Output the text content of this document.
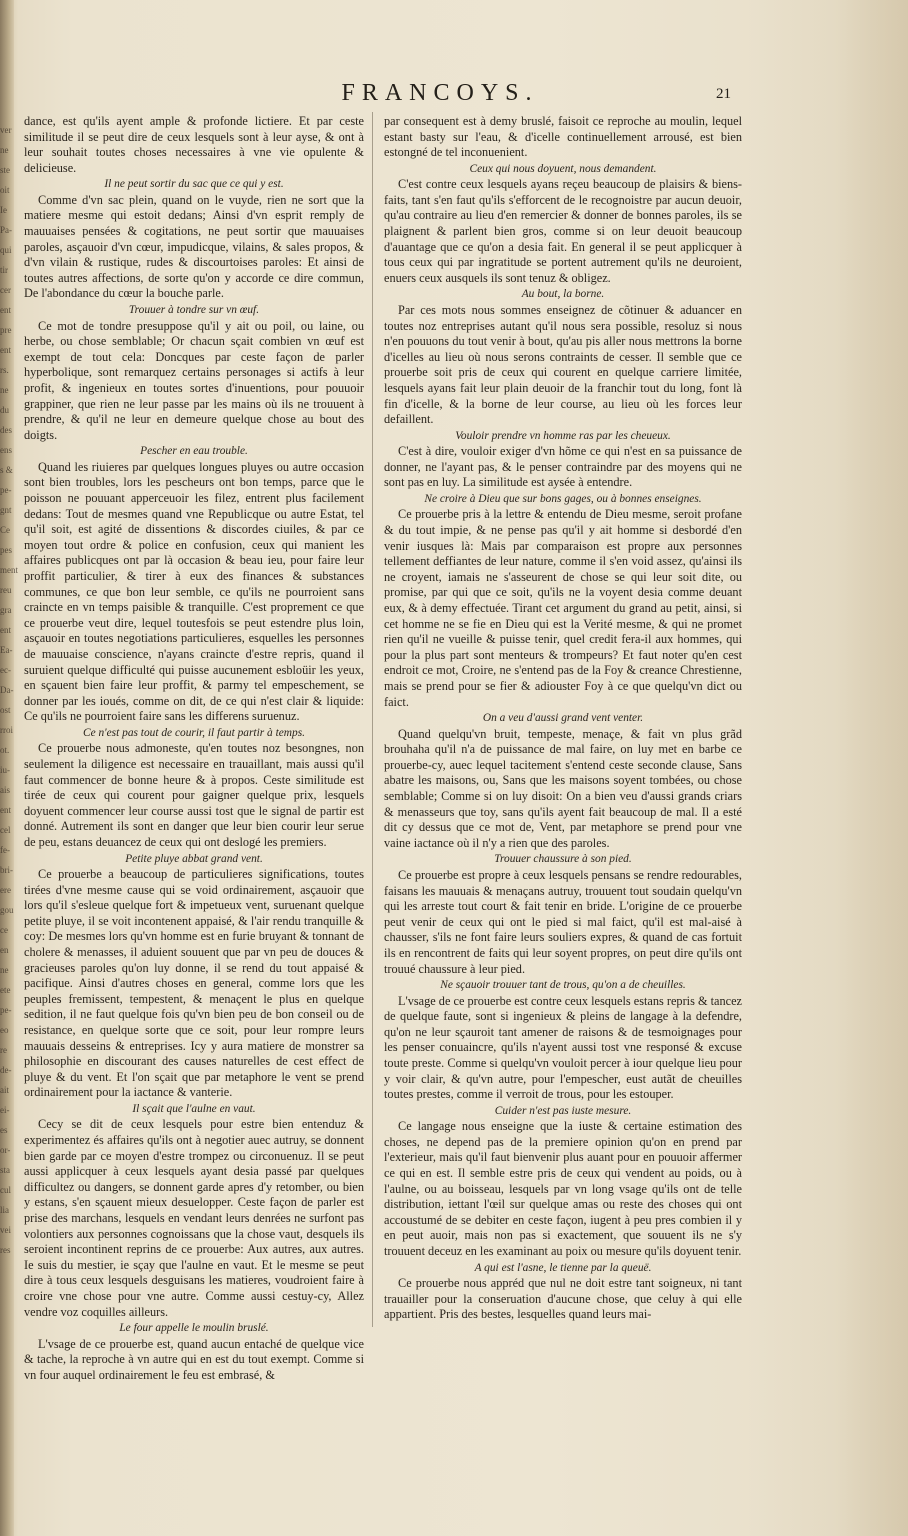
ver
ne
ste
oit
Ie
Pa-
qui
tir
cer
ent
pre
ent
rs.
ne
du
des
ens
s &
pe-
gnt
Ce
pes
ment
reu
gra
ent
Ea-
ec-
Da-
ost
rroi
ot.
iu-
ais
ent
cel
fe-
bri-
ere
gou
ce
en
ne
ete
pe-
eo
re
de-
ait
ei-
es
or-
sta
cul
lia
vei
res
FRANCOYS.	21

dance, est qu'ils ayent ample & profonde lictiere. Et par ceste similitude il se peut dire de ceux lesquels sont à leur ayse, & ont à leur souhait toutes choses necessaires à vne vie opulente & delicieuse.

Il ne peut sortir du sac que ce qui y est.

Comme d'vn sac plein, quand on le vuyde, rien ne sort que la matiere mesme qui estoit dedans; Ainsi d'vn esprit remply de mauuaises pensées & cogitations, ne peut sortir que mauuaises paroles, asçauoir d'vn cœur, impudicque, vilains, & sales propos, & d'vn vilain & rustique, rudes & discourtoises paroles: Et ainsi de toutes autres affections, de sorte qu'on y accorde ce dire commun, De l'abondance du cœur la bouche parle.

Trouuer à tondre sur vn œuf.

Ce mot de tondre presuppose qu'il y ait ou poil, ou laine, ou herbe, ou chose semblable; Or chacun sçait combien vn œuf est exempt de tout cela: Doncques par ceste façon de parler hyperbolique, sont remarquez certains personages si actifs à leur profit, & ingenieux en toutes sortes d'inuentions, pour pouuoir grappiner, que rien ne leur passe par les mains où ils ne trouuent à prendre, & qu'il ne leur en demeure quelque chose au bout des doigts.

Pescher en eau trouble.

Quand les riuieres par quelques longues pluyes ou autre occasion sont bien troubles, lors les pescheurs ont bon temps, parce que le poisson ne pouuant apperceuoir les filez, entrent plus facilement dedans: Tout de mesmes quand vne Republicque ou autre Estat, tel qu'il soit, est agité de dissentions & discordes ciuiles, & par ce moyen tout ordre & police en confusion, ceux qui manient les affaires publicques ont par là occasion & beau ieu, pour faire leur proffit particulier, & tirer à eux des finances & substances communes, ce que bon leur semble, ce qu'ils ne pourroient sans craincte en vn temps paisible & tranquille. C'est proprement ce que ce prouerbe veut dire, lequel toutesfois se peut estendre plus loin, asçauoir en toutes negotiations particulieres, esquelles les personnes de mauuaise conscience, n'ayans craincte d'estre repris, quand il suruient quelque difficulté qui puisse aucunement esbloüir les yeux, en sçauent bien faire leur proffit, & parmy tel empeschement, se donner par les ioués, comme on dit, de ce qui n'est clair & liquide: Ce qu'ils ne pourroient faire sans les differens suruenuz.

Ce n'est pas tout de courir, il faut partir à temps.

Ce prouerbe nous admoneste, qu'en toutes noz besongnes, non seulement la diligence est necessaire en trauaillant, mais aussi qu'il faut commencer de bonne heure & à propos. Ceste similitude est tirée de ceux qui courent pour gaigner quelque prix, lesquels doyuent commencer leur course aussi tost que le signal de partir est donné. Autrement ils sont en danger que leur bien courir leur serue de peu, estans deuancez de ceux qui ont deslogé les premiers.

Petite pluye abbat grand vent.

Ce prouerbe a beaucoup de particulieres significations, toutes tirées d'vne mesme cause qui se void ordinairement, asçauoir que lors qu'il s'esleue quelque fort & impetueux vent, suruenant quelque petite pluye, il se voit incontenent appaisé, & l'air rendu tranquille & coy: De mesmes lors qu'vn homme est en furie bruyant & tonnant de cholere & menasses, il aduient souuent que par vn peu de douces & gracieuses paroles qu'on luy donne, il se rend du tout appaisé & pacifique. Ainsi d'autres choses en general, comme lors que les peuples fremissent, tempestent, & menaçent le plus en quelque sedition, il ne faut quelque fois qu'vn bien peu de bon conseil ou de resistance, en quelque sorte que ce soit, pour leur rompre leurs mauuais desseins & entreprises. Icy y aura matiere de monstrer sa philosophie en discourant des causes naturelles de cest effect de pluye & du vent. Et l'on sçait que par metaphore le vent se prend ordinairement pour la iactance & vanterie.

Il sçait que l'aulne en vaut.

Cecy se dit de ceux lesquels pour estre bien entenduz & experimentez és affaires qu'ils ont à negotier auec autruy, se donnent bien garde par ce moyen d'estre trompez ou circonuenuz. Il se peut aussi applicquer à ceux lesquels ayant desia passé par quelques difficultez ou dangers, se donnent garde apres d'y retomber, ou bien y estans, s'en sçauent mieux desuelopper. Ceste façon de parler est prise des marchans, lesquels en vendant leurs denrées ne surfont pas volontiers aux personnes cognoissans que la chose vaut, desquels ils seroient incontinent reprins de ce prouerbe: Aux autres, aux autres. Ie suis du mestier, ie sçay que l'aulne en vaut. Et le mesme se peut dire à tous ceux lesquels desguisans les matieres, voudroient faire à croire vne chose pour vne autre. Comme aussi cestuy-cy, Allez vendre voz coquilles ailleurs.

Le four appelle le moulin bruslé.

L'vsage de ce prouerbe est, quand aucun entaché de quelque vice & tache, la reproche à vn autre qui en est du tout exempt. Comme si vn four auquel ordinairement le feu est embrasé, &

par consequent est à demy bruslé, faisoit ce reproche au moulin, lequel estant basty sur l'eau, & d'icelle continuellement arrousé, est bien estongné de tel inconuenient.

Ceux qui nous doyuent, nous demandent.

C'est contre ceux lesquels ayans reçeu beaucoup de plaisirs & biens-faits, tant s'en faut qu'ils s'efforcent de le recognoistre par aucun deuoir, qu'au contraire au lieu d'en remercier & donner de bonnes paroles, ils se plaignent & parlent bien gros, comme si on leur deuoit beaucoup d'auantage que ce qu'on a desia fait. En general il se peut applicquer à tous ceux qui par ingratitude se portent autrement qu'ils ne deuroient, enuers ceux ausquels ils sont tenuz & obligez.

Au bout, la borne.

Par ces mots nous sommes enseignez de cõtinuer & aduancer en toutes noz entreprises autant qu'il nous sera possible, resoluz si nous n'en pouuons du tout venir à bout, qu'au pis aller nous mettrons la borne d'icelles au lieu où nous serons contraints de cesser. Il semble que ce prouerbe soit pris de ceux qui courent en quelque carriere limitée, lesquels ayans fait leur plain deuoir de la franchir tout du long, font là fin d'icelle, & la borne de leur course, au lieu où les forces leur defaillent.

Vouloir prendre vn homme ras par les cheueux.

C'est à dire, vouloir exiger d'vn hõme ce qui n'est en sa puissance de donner, ne l'ayant pas, & le penser contraindre par des moyens qui ne sont pas en luy. La similitude est aysée à entendre.

Ne croire à Dieu que sur bons gages, ou à bonnes enseignes.

Ce prouerbe pris à la lettre & entendu de Dieu mesme, seroit profane & du tout impie, & ne pense pas qu'il y ait homme si desbordé d'en venir iusques là: Mais par comparaison est propre aux personnes tellement deffiantes de leur nature, comme il s'en void assez, qu'ainsi ils ne croyent, iamais ne s'asseurent de chose se qui leur soit dite, ou promise, par qui que ce soit, qu'ils ne la voyent desia comme deuant eux, & à demy effectuée. Tirant cet argument du grand au petit, ainsi, si cet homme ne se fie en Dieu qui est la Verité mesme, & qui ne promet rien qu'il ne vueille & puisse tenir, quel credit fera-il aux hommes, qui pour la plus part sont menteurs & trompeurs? Et faut noter qu'en cest endroit ce mot, Croire, ne s'entend pas de la Foy & creance Chrestienne, mais se prend pour se fier & adiouster Foy à ce que quelqu'vn dict ou faict.

On a veu d'aussi grand vent venter.

Quand quelqu'vn bruit, tempeste, menaçe, & fait vn plus grãd brouhaha qu'il n'a de puissance de mal faire, on luy met en barbe ce prouerbe-cy, auec lequel tacitement s'entend ceste seconde clause, Sans abatre les maisons, ou, Sans que les maisons soyent tombées, ou chose semblable; Comme si on luy disoit: On a bien veu d'aussi grands criars & menasseurs que toy, sans qu'ils ayent fait beaucoup de mal. Il a esté dit cy dessus que ce mot de, Vent, par metaphore se prend pour vne vaine iactance où il n'y a rien que des paroles.

Trouuer chaussure à son pied.

Ce prouerbe est propre à ceux lesquels pensans se rendre redourables, faisans les mauuais & menaçans autruy, trouuent tout soudain quelqu'vn qui les arreste tout court & fait tenir en bride. L'origine de ce prouerbe peut venir de ceux qui ont le pied si mal faict, qu'il est mal-aisé à chausser, s'ils ne font faire leurs souliers expres, & quand de cas fortuit ils en rencontrent de faits qui leur soyent propres, on peut dire qu'ils ont trouué chaussure à leur pied.

Ne sçauoir trouuer tant de trous, qu'on a de cheuilles.

L'vsage de ce prouerbe est contre ceux lesquels estans repris & tancez de quelque faute, sont si ingenieux & pleins de langage à la defendre, qu'on ne leur sçauroit tant amener de raisons & de tesmoignages pour les penser conuaincre, qu'ils n'ayent aussi tost vne responsé & excuse toute preste. Comme si quelqu'vn vouloit percer à iour quelque lieu pour y voir clair, & qu'vn autre, pour l'empescher, eust autãt de cheuilles toutes prestes, comme il verroit de trous, pour les estouper.

Cuider n'est pas iuste mesure.

Ce langage nous enseigne que la iuste & certaine estimation des choses, ne depend pas de la premiere opinion qu'on en prend par l'exterieur, mais qu'il faut bienvenir plus auant pour en pouuoir affermer ce qui en est. Il semble estre pris de ceux qui vendent au poids, ou à l'aulne, ou au boisseau, lesquels par vn long vsage qu'ils ont de telle distribution, iettant l'œil sur quelque amas ou reste des choses qui ont accoustumé de se debiter en ceste façon, iugent à peu pres combien il y en peut auoir, mais non pas si exactement, que souuent ils ne s'y trouuent deceuz en les examinant au poix ou mesure qu'ils doyuent tenir.

A qui est l'asne, le tienne par la queuë.

Ce prouerbe nous appréd que nul ne doit estre tant soigneux, ni tant trauailler pour la conseruation d'aucune chose, que celuy à qui elle appartient. Pris des bestes, lesquelles quand leurs mai-
